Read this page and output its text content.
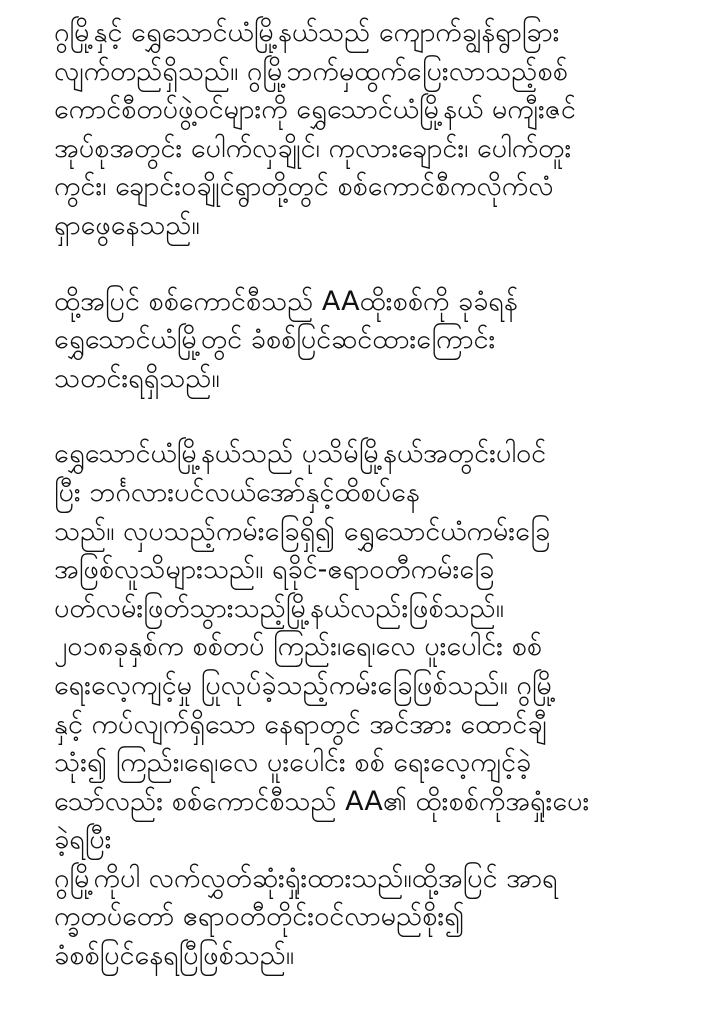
ဂွမြို့နှင့် ရွှေသောင်ယံမြို့နယ်သည် ကျောက်ချွန်ရွာခြား
လျက်တည်ရှိသည်။ ဂွမြို့ဘက်မှထွက်ပြေးလာသည့်စစ်
ကောင်စီတပ်ဖွဲ့ဝင်များကို ရွှေသောင်ယံမြို့နယ် မကျီးဇင်
အုပ်စုအတွင်း ပေါက်လှချိုင်၊ ကုလားချောင်း၊ ပေါက်တူး
ကွင်း၊ ချောင်းဝချိုင်ရွာတို့တွင် စစ်ကောင်စီကလိုက်လံ
ရှာဖွေနေသည်။
ထို့အပြင် စစ်ကောင်စီသည် AAထိုးစစ်ကို ခုခံရန်
ရွှေသောင်ယံမြို့တွင် ခံစစ်ပြင်ဆင်ထားကြောင်း
သတင်းရရှိသည်။
ရွှေသောင်ယံမြို့နယ်သည် ပုသိမ်မြို့နယ်အတွင်းပါဝင်
ပြီး ဘင်္ဂလားပင်လယ်အော်နှင့်ထိစပ်နေ
သည်။ လှပသည့်ကမ်းခြေရှိ၍ ရွှေသောင်ယံကမ်းခြေ
အဖြစ်လူသိများသည်။ ရခိုင်-ဧရာဝတီကမ်းခြေ
ပတ်လမ်းဖြတ်သွားသည့်မြို့နယ်လည်းဖြစ်သည်။
၂၀၁၈ခုနှစ်က စစ်တပ် ကြည်း၊ရေ၊လေ ပူးပေါင်း စစ်
ရေးလေ့ကျင့်မှု ပြုလုပ်ခဲ့သည့်ကမ်းခြေဖြစ်သည်။ ဂွမြို့
နှင့် ကပ်လျက်ရှိသော နေရာတွင် အင်အား ထောင်ချီ
သုံး၍ ကြည်း၊ရေ၊လေ ပူးပေါင်း စစ် ရေးလေ့ကျင့်ခဲ့
သော်လည်း စစ်ကောင်စီသည် AA၏ ထိုးစစ်ကိုအရှုံးပေး
ခဲ့ရပြီး
ဂွမြို့ကိုပါ လက်လွှတ်ဆုံးရှုံးထားသည်။ထို့အပြင် အာရ
က္ခတပ်တော် ဧရာဝတီတိုင်းဝင်လာမည်စိုး၍
ခံစစ်ပြင်နေရပြီဖြစ်သည်။
